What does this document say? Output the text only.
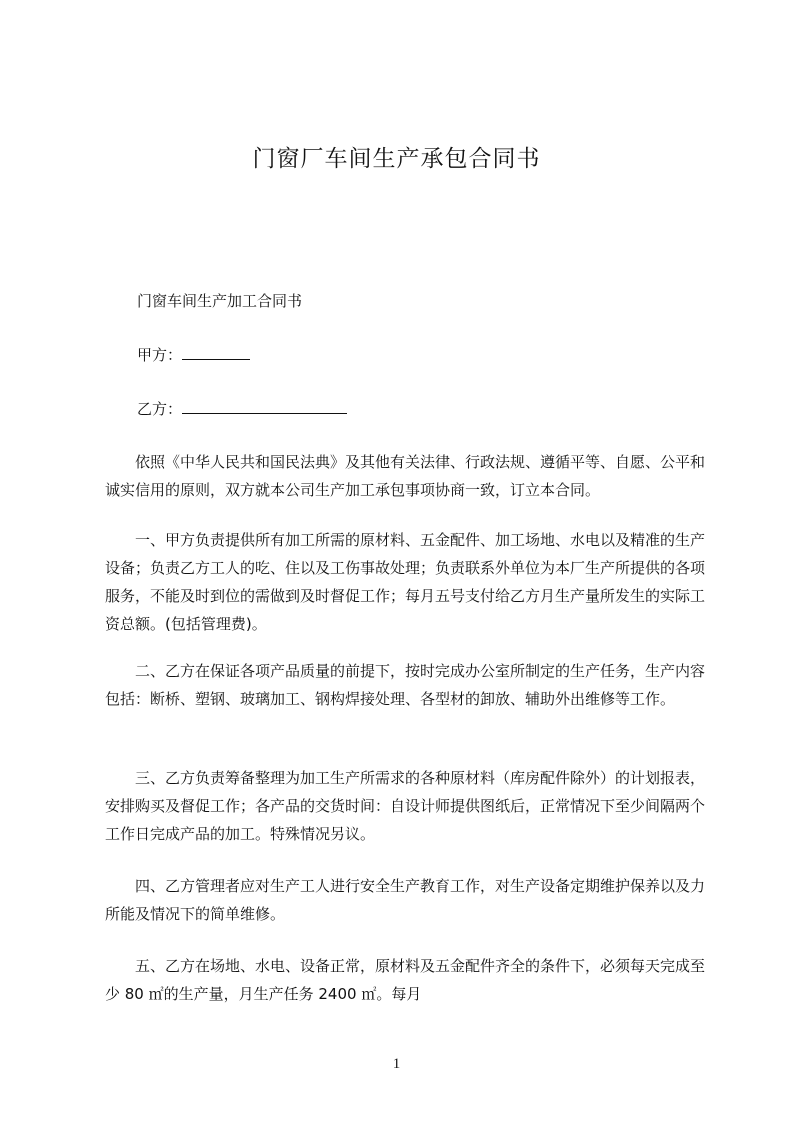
门窗厂车间生产承包合同书

门窗车间生产加工合同书

甲方：

乙方：

依照《中华人民共和国民法典》及其他有关法律、行政法规、遵循平等、自愿、公平和诚实信用的原则，双方就本公司生产加工承包事项协商一致，订立本合同。

一、甲方负责提供所有加工所需的原材料、五金配件、加工场地、水电以及精准的生产设备；负责乙方工人的吃、住以及工伤事故处理；负责联系外单位为本厂生产所提供的各项服务，不能及时到位的需做到及时督促工作；每月五号支付给乙方月生产量所发生的实际工资总额。(包括管理费)。

二、乙方在保证各项产品质量的前提下，按时完成办公室所制定的生产任务，生产内容包括：断桥、塑钢、玻璃加工、钢构焊接处理、各型材的卸放、辅助外出维修等工作。

三、乙方负责筹备整理为加工生产所需求的各种原材料（库房配件除外）的计划报表，安排购买及督促工作；各产品的交货时间：自设计师提供图纸后，正常情况下至少间隔两个工作日完成产品的加工。特殊情况另议。

四、乙方管理者应对生产工人进行安全生产教育工作，对生产设备定期维护保养以及力所能及情况下的简单维修。

五、乙方在场地、水电、设备正常，原材料及五金配件齐全的条件下，必须每天完成至少 80 ㎡的生产量，月生产任务 2400 ㎡。每月

1
